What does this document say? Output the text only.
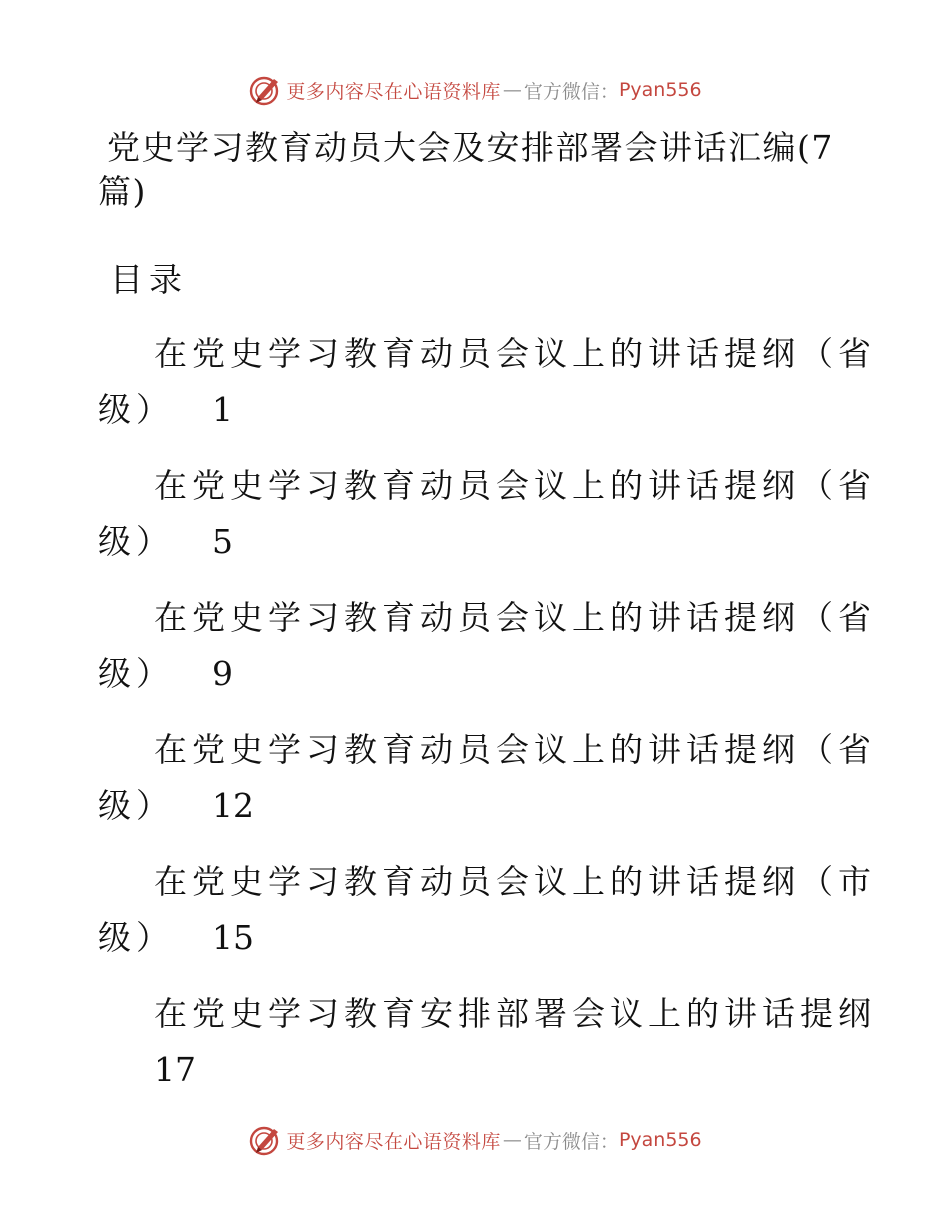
更多内容尽在心语资料库 — 官方微信： Pyan556
党史学习教育动员大会及安排部署会讲话汇编(7篇)
目录
在党史学习教育动员会议上的讲话提纲（省
级） 1
在党史学习教育动员会议上的讲话提纲（省
级） 5
在党史学习教育动员会议上的讲话提纲（省
级） 9
在党史学习教育动员会议上的讲话提纲（省
级） 12
在党史学习教育动员会议上的讲话提纲（市
级） 15
在党史学习教育安排部署会议上的讲话提纲
17
更多内容尽在心语资料库 — 官方微信： Pyan556
